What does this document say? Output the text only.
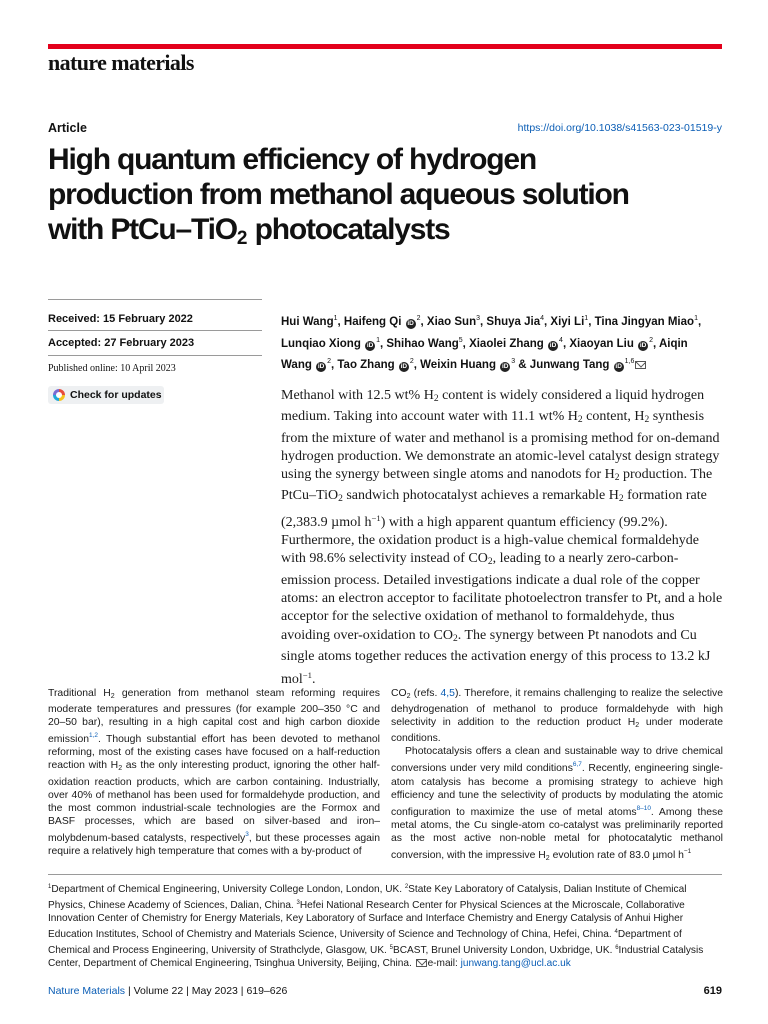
nature materials
Article	https://doi.org/10.1038/s41563-023-01519-y
High quantum efficiency of hydrogen
production from methanol aqueous solution
with PtCu–TiO$_2$ photocatalysts
Received: 15 February 2022
Accepted: 27 February 2023
Published online: 10 April 2023
Check for updates
Hui Wang$^1$, Haifeng Qi $iD^2$, Xiao Sun$^3$, Shuya Jia$^4$, Xiyi Li$^1$, Tina Jingyan Miao$^1$, Lunqiao Xiong $iD^1$, Shihao Wang$^5$, Xiaolei Zhang $iD^4$, Xiaoyan Liu $iD^2$, Aiqin Wang $iD^2$, Tao Zhang $iD^2$, Weixin Huang $iD^3$ & Junwang Tang iD$^{1,6}$
Methanol with 12.5 wt% $H_2$ content is widely considered a liquid hydrogen medium. Taking into account water with 11.1 wt% $H_2$ content, $H_2$ synthesis from the mixture of water and methanol is a promising method for on-demand hydrogen production. We demonstrate an atomic-level catalyst design strategy using the synergy between single atoms and nanodots for $H_2$ production. The PtCu–TiO$_2$ sandwich photocatalyst achieves a remarkable $H_2$ formation rate (2,383.9 µmol $h^{-1}$) with a high apparent quantum efficiency (99.2%). Furthermore, the oxidation product is a high-value chemical formaldehyde with 98.6% selectivity instead of $CO_2$, leading to a nearly zero-carbon-emission process. Detailed investigations indicate a dual role of the copper atoms: an electron acceptor to facilitate photoelectron transfer to Pt, and a hole acceptor for the selective oxidation of methanol to formaldehyde, thus avoiding over-oxidation to $CO_2$. The synergy between Pt nanodots and Cu single atoms together reduces the activation energy of this process to 13.2 kJ mol$^{-1}$.

Traditional $H_2$ generation from methanol steam reforming requires moderate temperatures and pressures (for example 200–350 °C and 20–50 bar), resulting in a high capital cost and high carbon dioxide emission$^{1,2}$. Though substantial effort has been devoted to methanol reforming, most of the existing cases have focused on a half-reduction reaction with $H_2$ as the only interesting product, ignoring the other half-oxidation reaction products, which are carbon containing. Industrially, over 40% of methanol has been used for formaldehyde production, and the most common industrial-scale technologies are the Formox and BASF processes, which are based on silver-based and iron–molybdenum-based catalysts, respectively$^3$, but these processes again require a relatively high temperature that comes with a by-product of

$CO_2$ (refs. 4,5). Therefore, it remains challenging to realize the selective dehydrogenation of methanol to produce formaldehyde with high selectivity in addition to the reduction product $H_2$ under moderate conditions.

Photocatalysis offers a clean and sustainable way to drive chemical conversions under very mild conditions$^{6,7}$. Recently, engineering single-atom catalysis has become a promising strategy to achieve high efficiency and tune the selectivity of products by modulating the atomic configuration to maximize the use of metal atoms$^{8-10}$. Among these metal atoms, the Cu single-atom co-catalyst was preliminarily reported as the most active non-noble metal for photocatalytic methanol conversion, with the impressive $H_2$ evolution rate of 83.0 µmol $h^{-1}$

$^1$Department of Chemical Engineering, University College London, London, UK. $^2$State Key Laboratory of Catalysis, Dalian Institute of Chemical Physics, Chinese Academy of Sciences, Dalian, China. $^3$Hefei National Research Center for Physical Sciences at the Microscale, Collaborative Innovation Center of Chemistry for Energy Materials, Key Laboratory of Surface and Interface Chemistry and Energy Catalysis of Anhui Higher Education Institutes, School of Chemistry and Materials Science, University of Science and Technology of China, Hefei, China. $^4$Department of Chemical and Process Engineering, University of Strathclyde, Glasgow, UK. $^5$BCAST, Brunel University London, Uxbridge, UK. $^6$Industrial Catalysis Center, Department of Chemical Engineering, Tsinghua University, Beijing, China. e-mail: junwang.tang@ucl.ac.uk
Nature Materials | Volume 22 | May 2023 | 619–626	619
